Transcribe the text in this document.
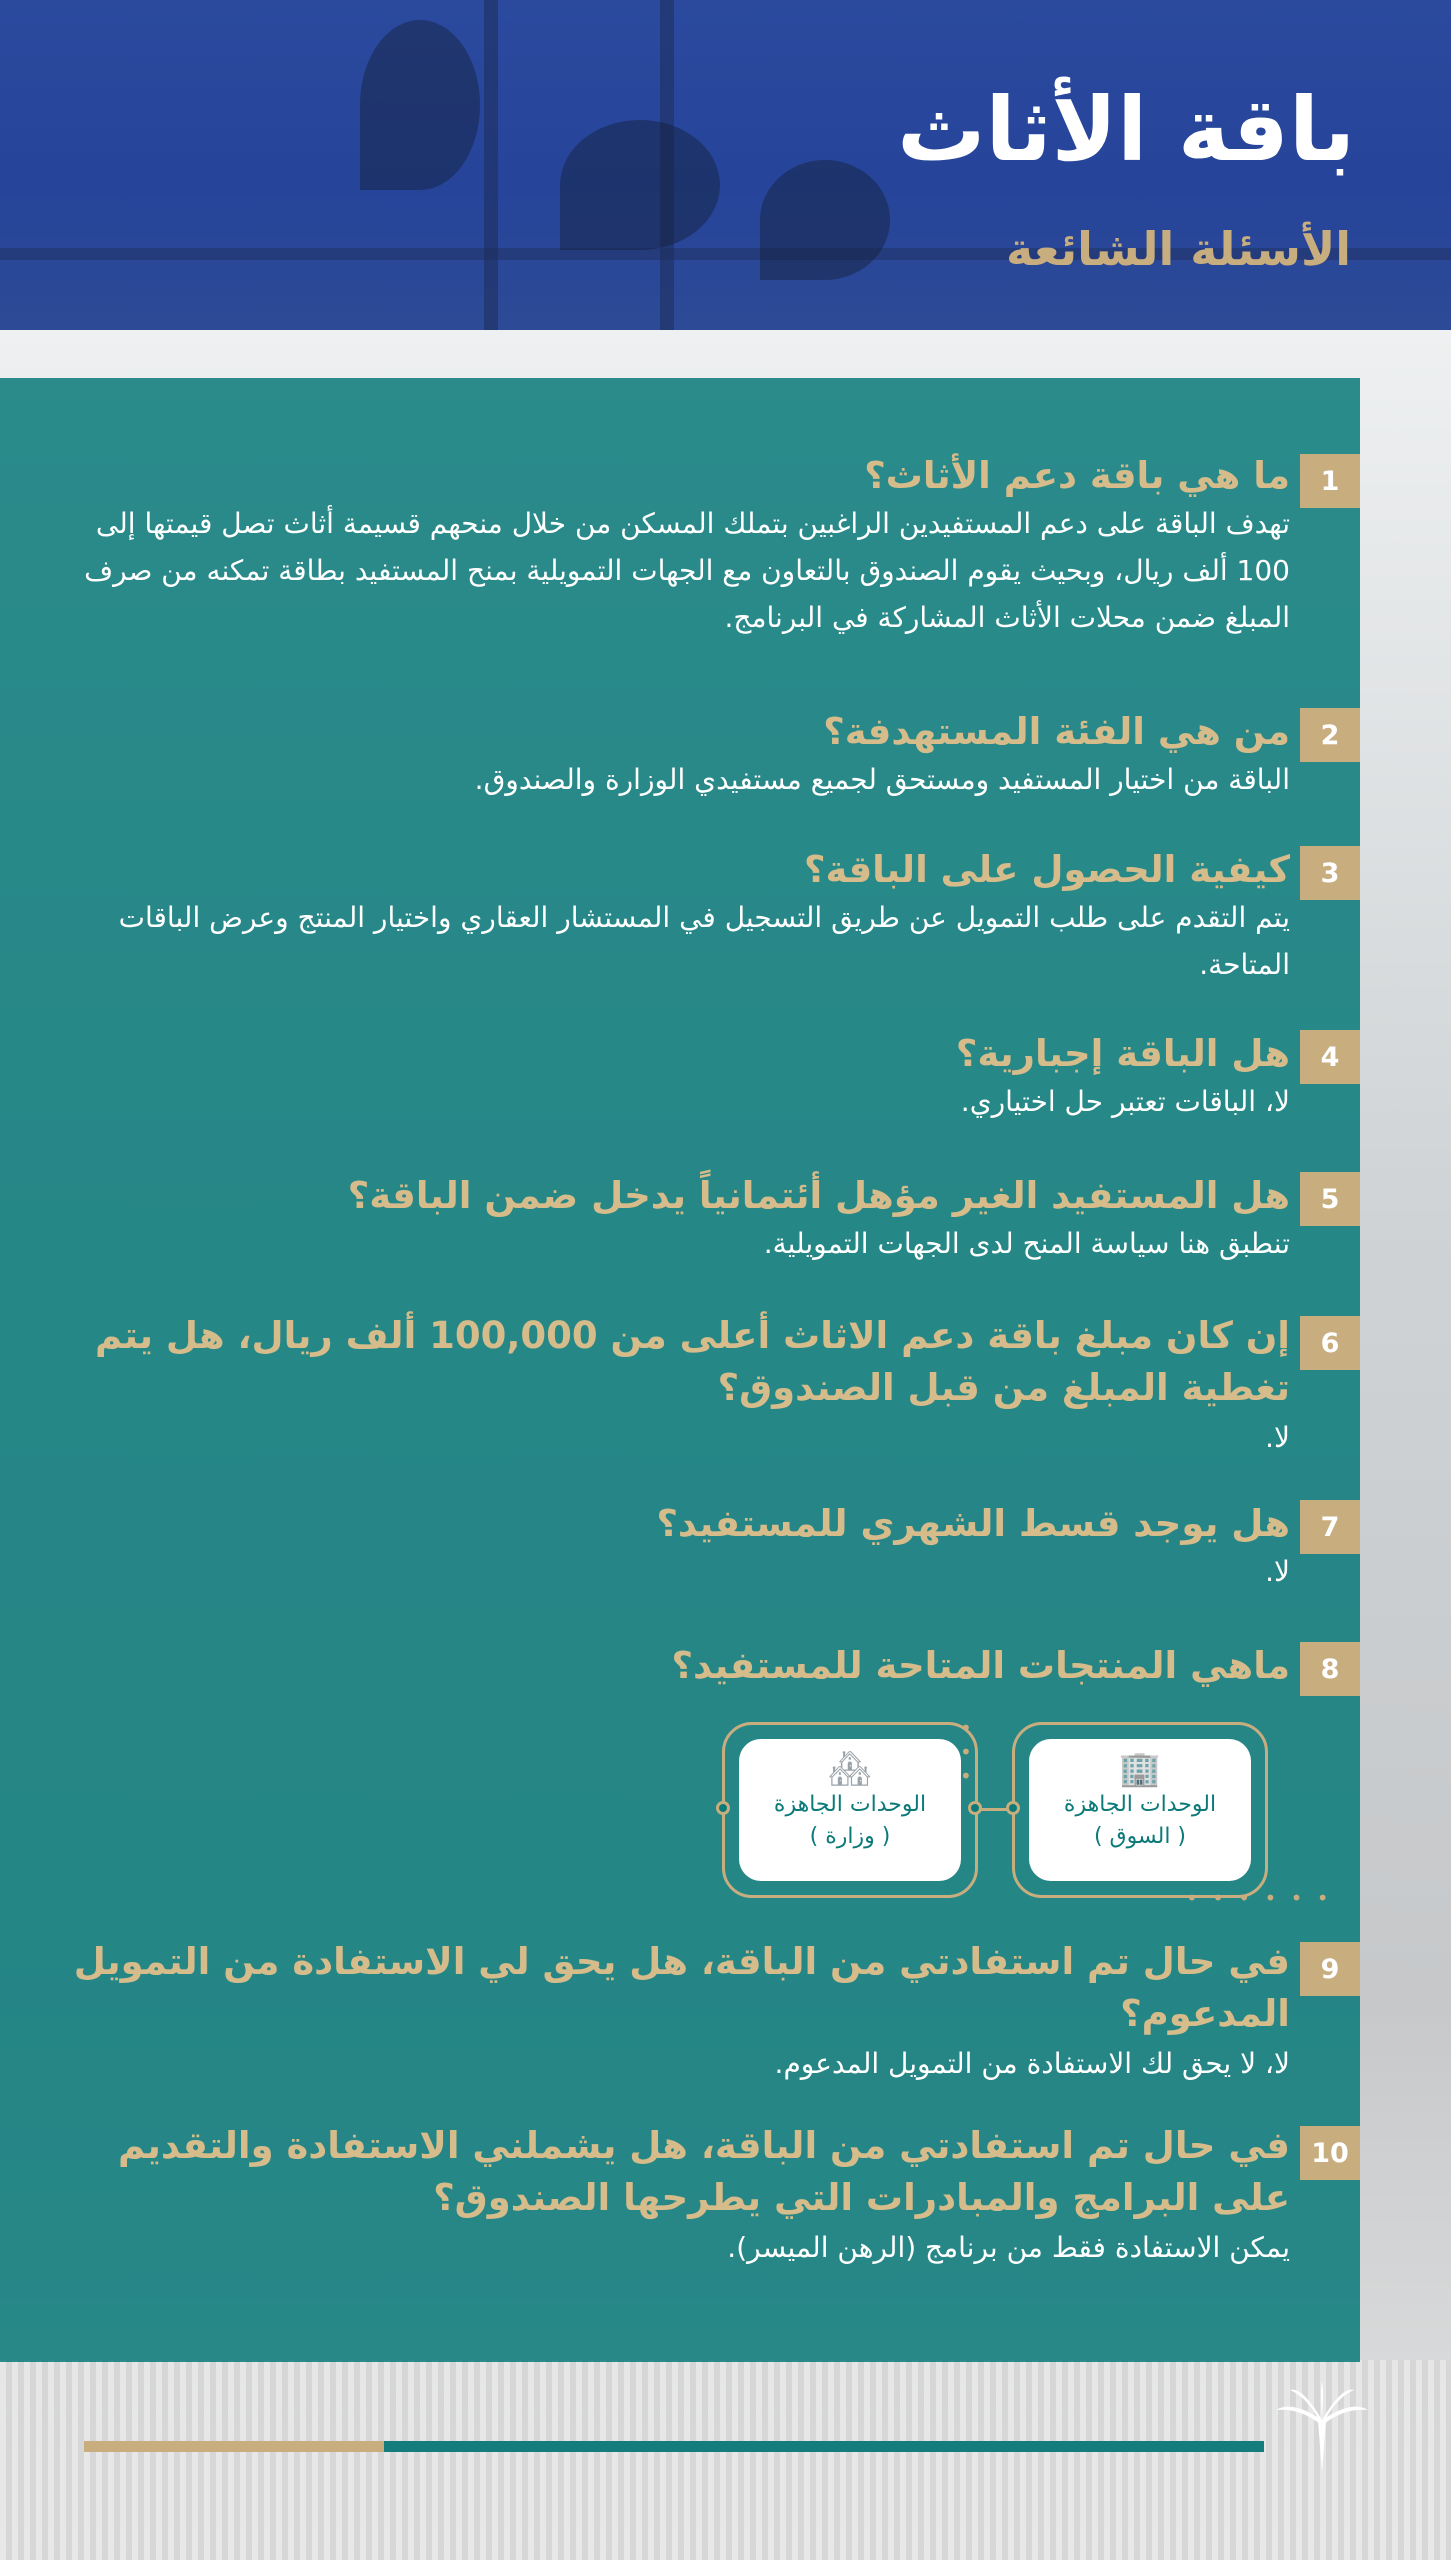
باقة الأثاث
الأسئلة الشائعة
1
ما هي باقة دعم الأثاث؟
تهدف الباقة على دعم المستفيدين الراغبين بتملك المسكن من خلال منحهم قسيمة أثاث تصل قيمتها إلى 100 ألف ريال، وبحيث يقوم الصندوق بالتعاون مع الجهات التمويلية بمنح المستفيد بطاقة تمكنه من صرف المبلغ ضمن محلات الأثاث المشاركة في البرنامج.
2
من هي الفئة المستهدفة؟
الباقة من اختيار المستفيد ومستحق لجميع مستفيدي الوزارة والصندوق.
3
كيفية الحصول على الباقة؟
يتم التقدم على طلب التمويل عن طريق التسجيل في المستشار العقاري واختيار المنتج وعرض الباقات المتاحة.
4
هل الباقة إجبارية؟
لا، الباقات تعتبر حل اختياري.
5
هل المستفيد الغير مؤهل أئتمانياً يدخل ضمن الباقة؟
تنطبق هنا سياسة المنح لدى الجهات التمويلية.
6
إن كان مبلغ باقة دعم الاثاث أعلى من 100,000 ألف ريال، هل يتم تغطية المبلغ من قبل الصندوق؟
لا.
7
هل يوجد قسط الشهري للمستفيد؟
لا.
8
ماهي المنتجات المتاحة للمستفيد؟
🏢
الوحدات الجاهزة
( السوق )
🏘
الوحدات الجاهزة
( وزارة )
• • • • • •
•
•
•
9
في حال تم استفادتي من الباقة، هل يحق لي الاستفادة من التمويل المدعوم؟
لا، لا يحق لك الاستفادة من التمويل المدعوم.
10
في حال تم استفادتي من الباقة، هل يشملني الاستفادة والتقديم على البرامج والمبادرات التي يطرحها الصندوق؟
يمكن الاستفادة فقط من برنامج (الرهن الميسر).
